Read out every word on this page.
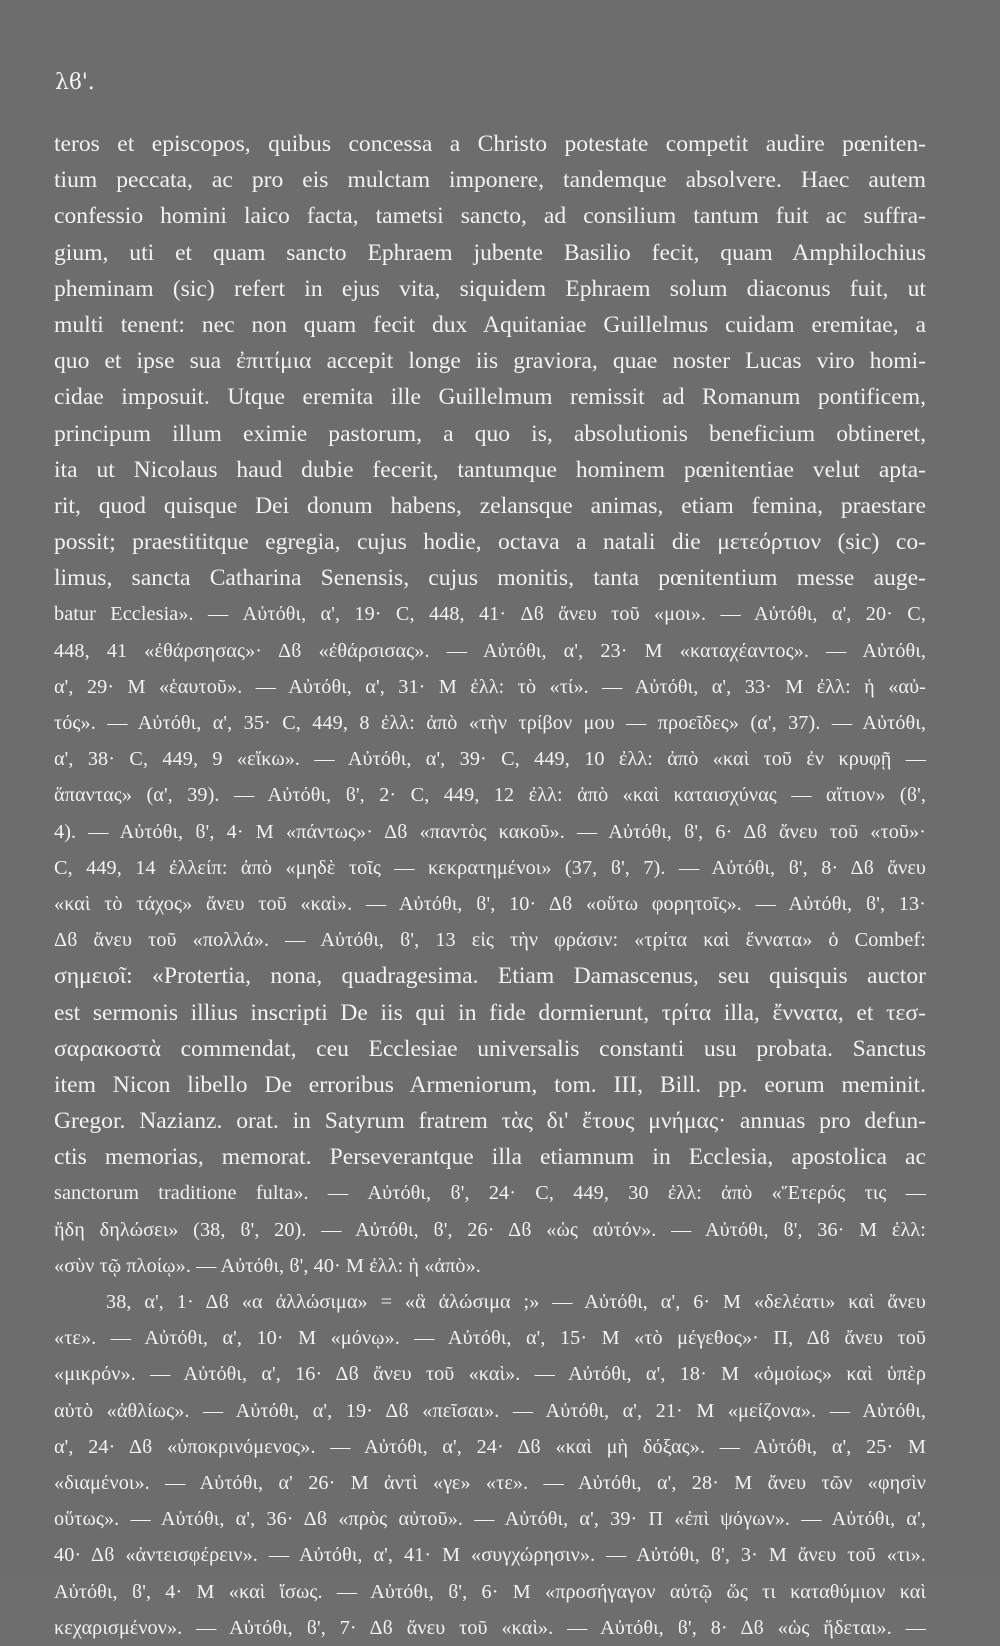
λϐ'.
teros et episcopos, quibus concessa a Christo potestate competit audire pœniten-
tium peccata, ac pro eis mulctam imponere, tandemque absolvere. Haec autem
confessio homini laico facta, tametsi sancto, ad consilium tantum fuit ac suffra-
gium, uti et quam sancto Ephraem jubente Basilio fecit, quam Amphilochius
pheminam (sic) refert in ejus vita, siquidem Ephraem solum diaconus fuit, ut
multi tenent: nec non quam fecit dux Aquitaniae Guillelmus cuidam eremitae, a
quo et ipse sua ἐπιτίμια accepit longe iis graviora, quae noster Lucas viro homi-
cidae imposuit. Utque eremita ille Guillelmum remissit ad Romanum pontificem,
principum illum eximie pastorum, a quo is, absolutionis beneficium obtineret,
ita ut Nicolaus haud dubie fecerit, tantumque hominem pœnitentiae velut apta-
rit, quod quisque Dei donum habens, zelansque animas, etiam femina, praestare
possit; praestititque egregia, cujus hodie, octava a natali die μετεόρτιον (sic) co-
limus, sancta Catharina Senensis, cujus monitis, tanta pœnitentium messe auge-
batur Ecclesia». — Αὐτόθι, α', 19· C, 448, 41· Δϐ ἄνευ τοῦ «μοι». — Αὐτόθι, α', 20· C,
448, 41 «ἐθάρσησας»· Δϐ «ἐθάρσισας». — Αὐτόθι, α', 23· Μ «καταχέαντος». — Αὐτόθι,
α', 29· Μ «ἑαυτοῦ». — Αὐτόθι, α', 31· Μ ἐλλ: τὸ «τί». — Αὐτόθι, α', 33· Μ ἐλλ: ἡ «αὐ-
τός». — Αὐτόθι, α', 35· C, 449, 8 ἐλλ: ἀπὸ «τὴν τρίβον μου — προεῖδες» (α', 37). — Αὐτόθι,
α', 38· C, 449, 9 «εἴκω». — Αὐτόθι, α', 39· C, 449, 10 ἐλλ: ἀπὸ «καὶ τοῦ ἐν κρυφῇ —
ἅπαντας» (α', 39). — Αὐτόθι, ϐ', 2· C, 449, 12 ἐλλ: ἀπὸ «καὶ καταισχύνας — αἴτιον» (ϐ',
4). — Αὐτόθι, ϐ', 4· Μ «πάντως»· Δϐ «παντὸς κακοῦ». — Αὐτόθι, ϐ', 6· Δϐ ἄνευ τοῦ «τοῦ»·
C, 449, 14 ἐλλείπ: ἀπὸ «μηδὲ τοῖς — κεκρατημένοι» (37, ϐ', 7). — Αὐτόθι, ϐ', 8· Δϐ ἄνευ
«καὶ τὸ τάχος» ἄνευ τοῦ «καὶ». — Αὐτόθι, ϐ', 10· Δϐ «οὕτω φορητοῖς». — Αὐτόθι, ϐ', 13·
Δϐ ἄνευ τοῦ «πολλά». — Αὐτόθι, ϐ', 13 εἰς τὴν φράσιν: «τρίτα καὶ ἔννατα» ὁ Combef:
σημειοῖ: «Protertia, nona, quadragesima. Etiam Damascenus, seu quisquis auctor
est sermonis illius inscripti De iis qui in fide dormierunt, τρίτα illa, ἔννατα, et τεσ-
σαρακοστὰ commendat, ceu Ecclesiae universalis constanti usu probata. Sanctus
item Nicon libello De erroribus Armeniorum, tom. III, Bill. pp. eorum meminit.
Gregor. Nazianz. orat. in Satyrum fratrem τὰς δι' ἔτους μνήμας· annuas pro defun-
ctis memorias, memorat. Perseverantque illa etiamnum in Ecclesia, apostolica ac
sanctorum traditione fulta». — Αὐτόθι, ϐ', 24· C, 449, 30 ἐλλ: ἀπὸ «Ἕτερός τις —
ἤδη δηλώσει» (38, ϐ', 20). — Αὐτόθι, ϐ', 26· Δϐ «ὡς αὐτόν». — Αὐτόθι, ϐ', 36· Μ ἐλλ:
«σὺν τῷ πλοίῳ». — Αὐτόθι, ϐ', 40· Μ ἐλλ: ἡ «ἀπὸ».
38, α', 1· Δϐ «α ἀλλώσιμα» = «ἃ ἀλώσιμα ;» — Αὐτόθι, α', 6· Μ «δελέατι» καὶ ἄνευ
«τε». — Αὐτόθι, α', 10· Μ «μόνῳ». — Αὐτόθι, α', 15· Μ «τὸ μέγεθος»· Π, Δϐ ἄνευ τοῦ
«μικρόν». — Αὐτόθι, α', 16· Δϐ ἄνευ τοῦ «καὶ». — Αὐτόθι, α', 18· Μ «ὁμοίως» καὶ ὑπὲρ
αὐτὸ «ἀθλίως». — Αὐτόθι, α', 19· Δϐ «πεῖσαι». — Αὐτόθι, α', 21· Μ «μείζονα». — Αὐτόθι,
α', 24· Δϐ «ὑποκρινόμενος». — Αὐτόθι, α', 24· Δϐ «καὶ μὴ δόξας». — Αὐτόθι, α', 25· Μ
«διαμένοι». — Αὐτόθι, α' 26· Μ ἀντὶ «γε» «τε». — Αὐτόθι, α', 28· Μ ἄνευ τῶν «φησὶν
οὕτως». — Αὐτόθι, α', 36· Δϐ «πρὸς αὐτοῦ». — Αὐτόθι, α', 39· Π «ἐπὶ ψόγων». — Αὐτόθι, α',
40· Δϐ «ἀντεισφέρειν». — Αὐτόθι, α', 41· Μ «συγχώρησιν». — Αὐτόθι, ϐ', 3· Μ ἄνευ τοῦ «τι».
Αὐτόθι, ϐ', 4· Μ «καὶ ἴσως. — Αὐτόθι, ϐ', 6· Μ «προσήγαγον αὐτῷ ὥς τι καταθύμιον καὶ
κεχαρισμένον». — Αὐτόθι, ϐ', 7· Δϐ ἄνευ τοῦ «καὶ». — Αὐτόθι, ϐ', 8· Δϐ «ὡς ἥδεται». —
